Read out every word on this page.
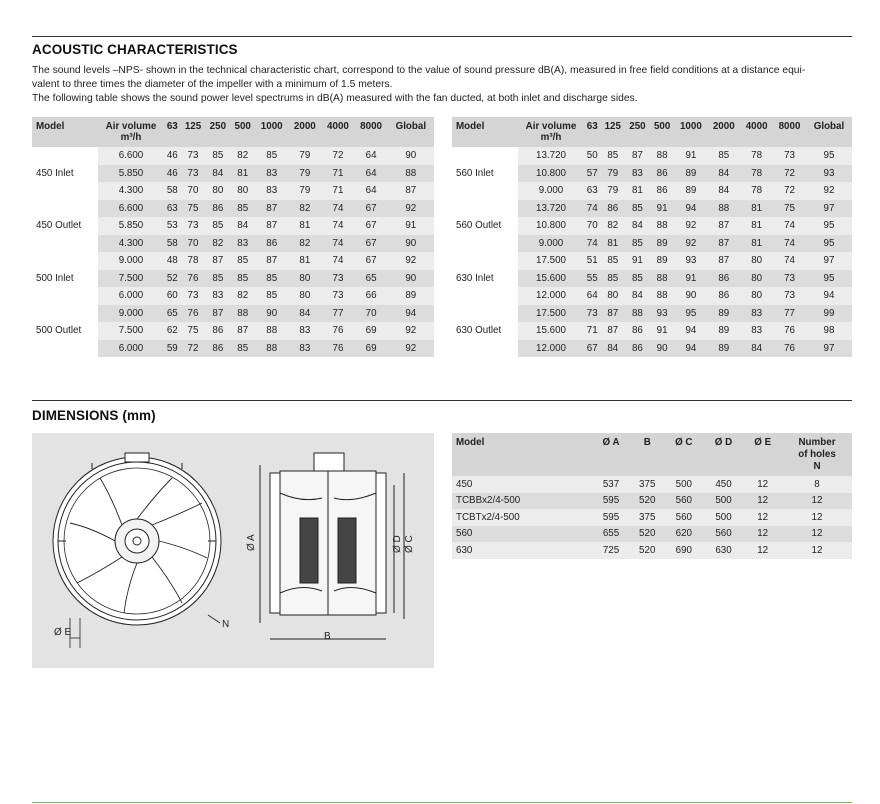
ACOUSTIC CHARACTERISTICS

The sound levels –NPS- shown in the technical characteristic chart, correspond to the value of sound pressure dB(A), measured in free field conditions at a distance equi-

valent to three times the diameter of the impeller with a minimum of 1.5 meters.

The following table shows the sound power level spectrums in dB(A) measured with the fan ducted, at both inlet and discharge sides.

Model	Air volume
m³/h	63	125	250	500	1000	2000	4000	8000	Global
450 Inlet	6.600	46	73	85	82	85	79	72	64	90
	5.850	46	73	84	81	83	79	71	64	88
	4.300	58	70	80	80	83	79	71	64	87
450 Outlet	6.600	63	75	86	85	87	82	74	67	92
	5.850	53	73	85	84	87	81	74	67	91
	4.300	58	70	82	83	86	82	74	67	90
500 Inlet	9.000	48	78	87	85	87	81	74	67	92
	7.500	52	76	85	85	85	80	73	65	90
	6.000	60	73	83	82	85	80	73	66	89
500 Outlet	9.000	65	76	87	88	90	84	77	70	94
	7.500	62	75	86	87	88	83	76	69	92
	6.000	59	72	86	85	88	83	76	69	92
Model	Air volume
m³/h	63	125	250	500	1000	2000	4000	8000	Global
560 Inlet	13.720	50	85	87	88	91	85	78	73	95
	10.800	57	79	83	86	89	84	78	72	93
	9.000	63	79	81	86	89	84	78	72	92
560 Outlet	13.720	74	86	85	91	94	88	81	75	97
	10.800	70	82	84	88	92	87	81	74	95
	9.000	74	81	85	89	92	87	81	74	95
630 Inlet	17.500	51	85	91	89	93	87	80	74	97
	15.600	55	85	85	88	91	86	80	73	95
	12.000	64	80	84	88	90	86	80	73	94
630 Outlet	17.500	73	87	88	93	95	89	83	77	99
	15.600	71	87	86	91	94	89	83	76	98
	12.000	67	84	86	90	94	89	84	76	97
DIMENSIONS (mm)
Ø E
N
Ø A	Ø D Ø C
B
Model	Ø A	B	Ø C	Ø D	Ø E	Number
of holes
N

450	537	375	500	450	12	8
TCBBx2/4-500	595	520	560	500	12	12
TCBTx2/4-500	595	375	560	500	12	12
560	655	520	620	560	12	12
630	725	520	690	630	12	12
